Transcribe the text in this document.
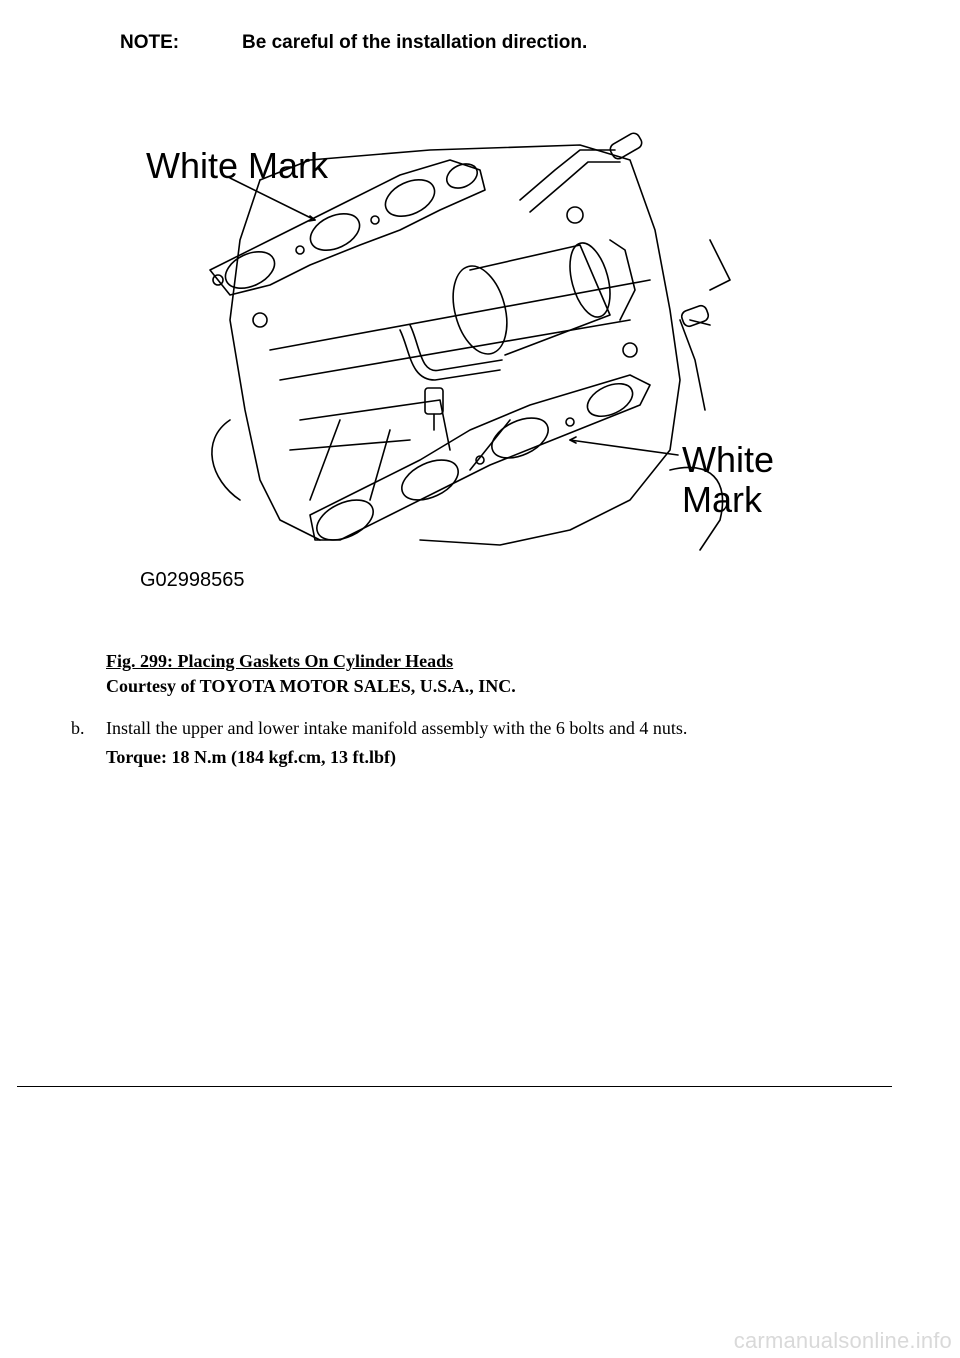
NOTE:	Be careful of the installation direction.
White Mark
White
Mark
G02998565
Fig. 299: Placing Gaskets On Cylinder Heads
Courtesy of TOYOTA MOTOR SALES, U.S.A., INC.
b. Install the upper and lower intake manifold assembly with the 6 bolts and 4 nuts.
Torque: 18 N.m (184 kgf.cm, 13 ft.lbf)
carmanualsonline.info
